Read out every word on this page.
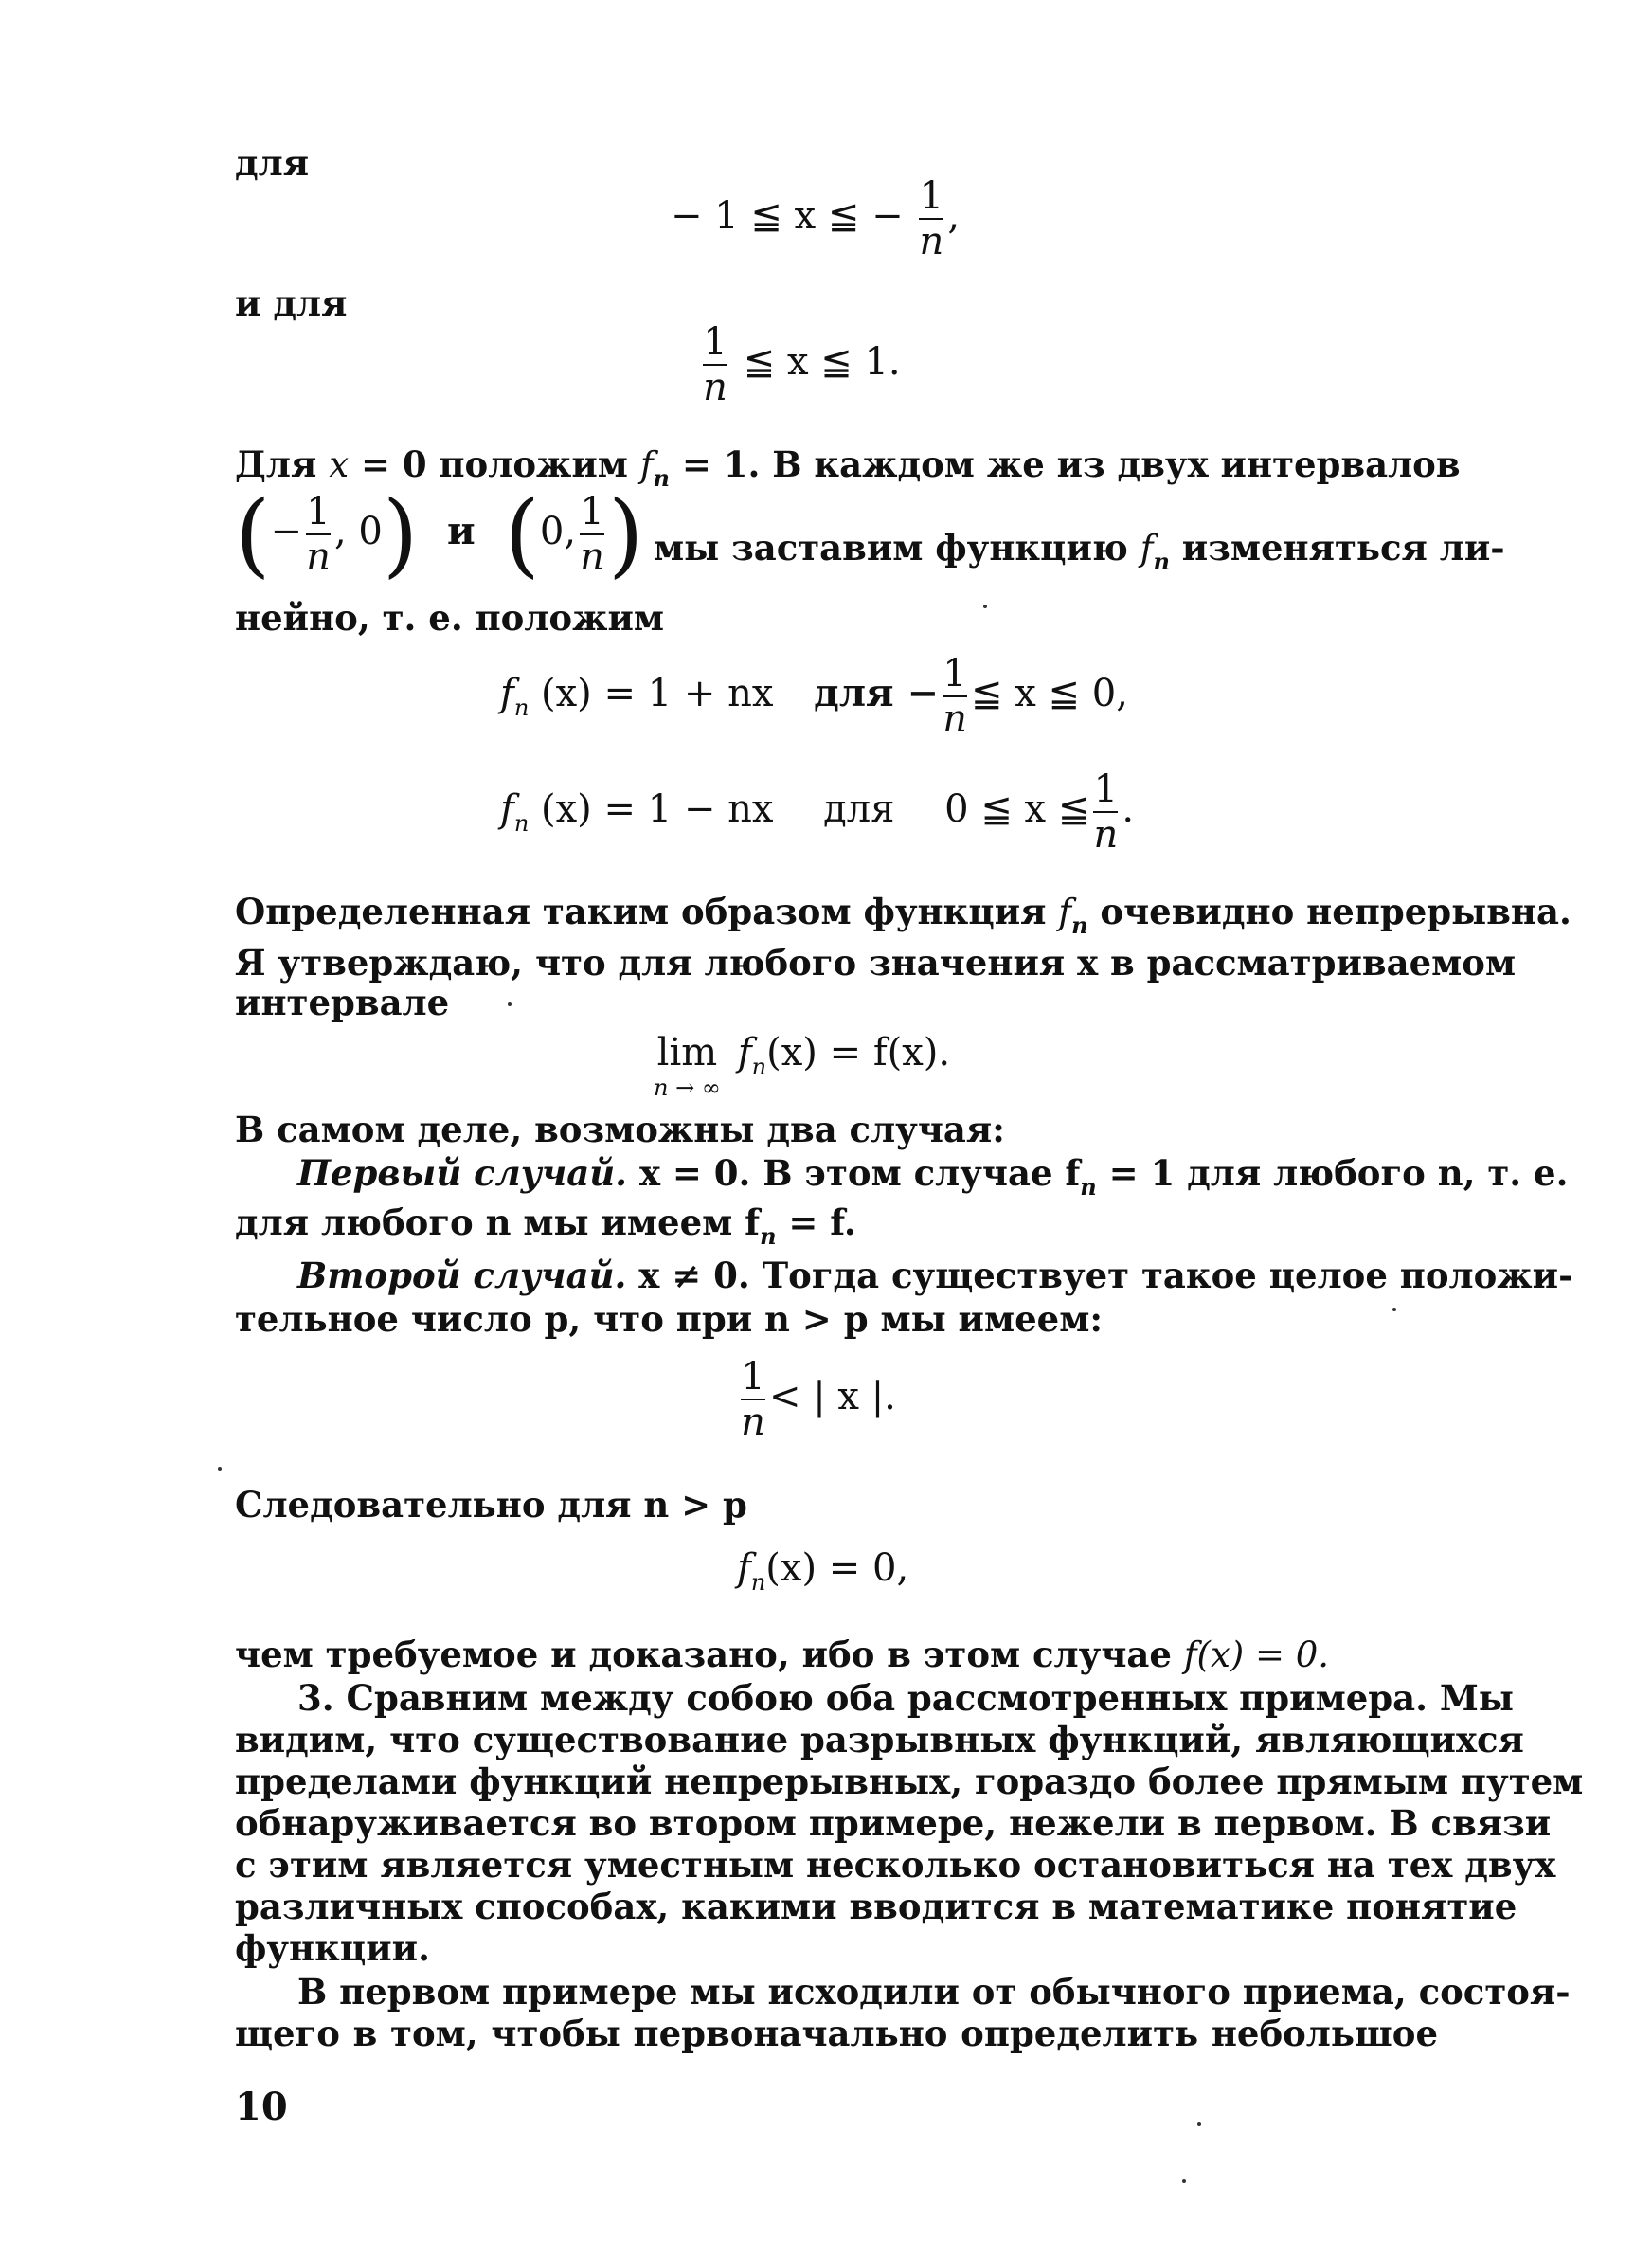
для
− 1 ≦ x ≦ − $\frac{1}{n}$ ,
и для
$\frac{1}{n}$ ≦ x ≦ 1.
Для x = 0 положим $f_n = 1$. В каждом же из двух интервалов
(− $\frac{1}{n}$ , 0) и (0, $\frac{1}{n}$ ) мы заставим функцию $f_n$ изменяться ли-
нейно, т. е. положим
$f_n$ (x) = 1 + nx для − $\frac{1}{n}$ ≦ x ≦ 0,
$f_n$ (x) = 1 − nx для 0 ≦ x ≦ $\frac{1}{n}$ .
Определенная таким образом функция $f_n$ очевидно непрерывна.
Я утверждаю, что для любого значения x в рассматриваемом
интервале
lim
n → ∞
$f_n(x) = f(x)$.
В самом деле, возможны два случая:
Первый случай. x = 0. В этом случае $f_n = 1$ для любого n, т. е.
для любого n мы имеем $f_n = f$.
Второй случай. x ≠ 0. Тогда существует такое целое положи-
тельное число p, что при n > p мы имеем:
$\frac{1}{n}$ < | x |.
Следовательно для n > p
$f_n(x) = 0$,
чем требуемое и доказано, ибо в этом случае f(x) = 0.
3. Сравним между собою оба рассмотренных примера. Мы
видим, что существование разрывных функций, являющихся
пределами функций непрерывных, гораздо более прямым путем
обнаруживается во втором примере, нежели в первом. В связи
с этим является уместным несколько остановиться на тех двух
различных способах, какими вводится в математике понятие
функции.
В первом примере мы исходили от обычного приема, состоя-
щего в том, чтобы первоначально определить небольшое
10
